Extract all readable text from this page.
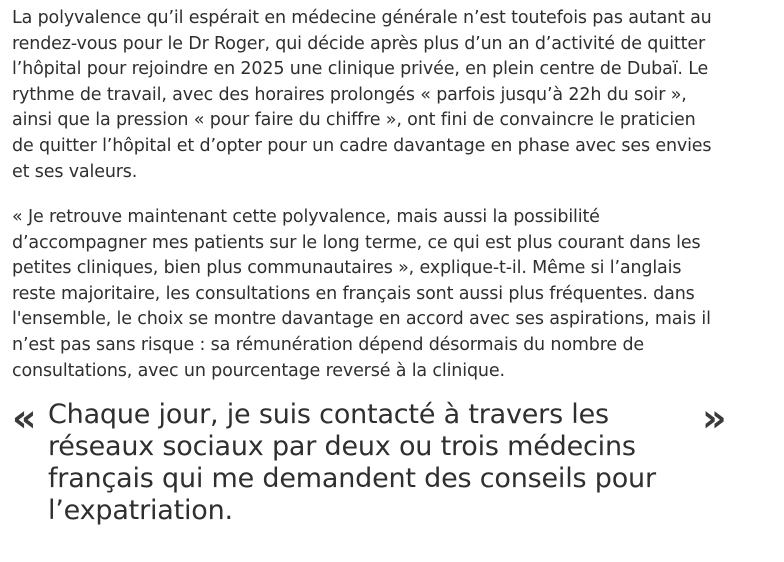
La polyvalence qu’il espérait en médecine générale n’est toutefois pas autant au
rendez-vous pour le Dr Roger, qui décide après plus d’un an d’activité de quitter
l’hôpital pour rejoindre en 2025 une clinique privée, en plein centre de Dubaï. Le
rythme de travail, avec des horaires prolongés « parfois jusqu’à 22h du soir »,
ainsi que la pression « pour faire du chiffre », ont fini de convaincre le praticien
de quitter l’hôpital et d’opter pour un cadre davantage en phase avec ses envies
et ses valeurs.

« Je retrouve maintenant cette polyvalence, mais aussi la possibilité
d’accompagner mes patients sur le long terme, ce qui est plus courant dans les
petites cliniques, bien plus communautaires », explique-t-il. Même si l’anglais
reste majoritaire, les consultations en français sont aussi plus fréquentes. dans
l'ensemble, le choix se montre davantage en accord avec ses aspirations, mais il
n’est pas sans risque : sa rémunération dépend désormais du nombre de
consultations, avec un pourcentage reversé à la clinique.

« Chaque jour, je suis contacté à travers les
réseaux sociaux par deux ou trois médecins
français qui me demandent des conseils pour
l’expatriation.

»
